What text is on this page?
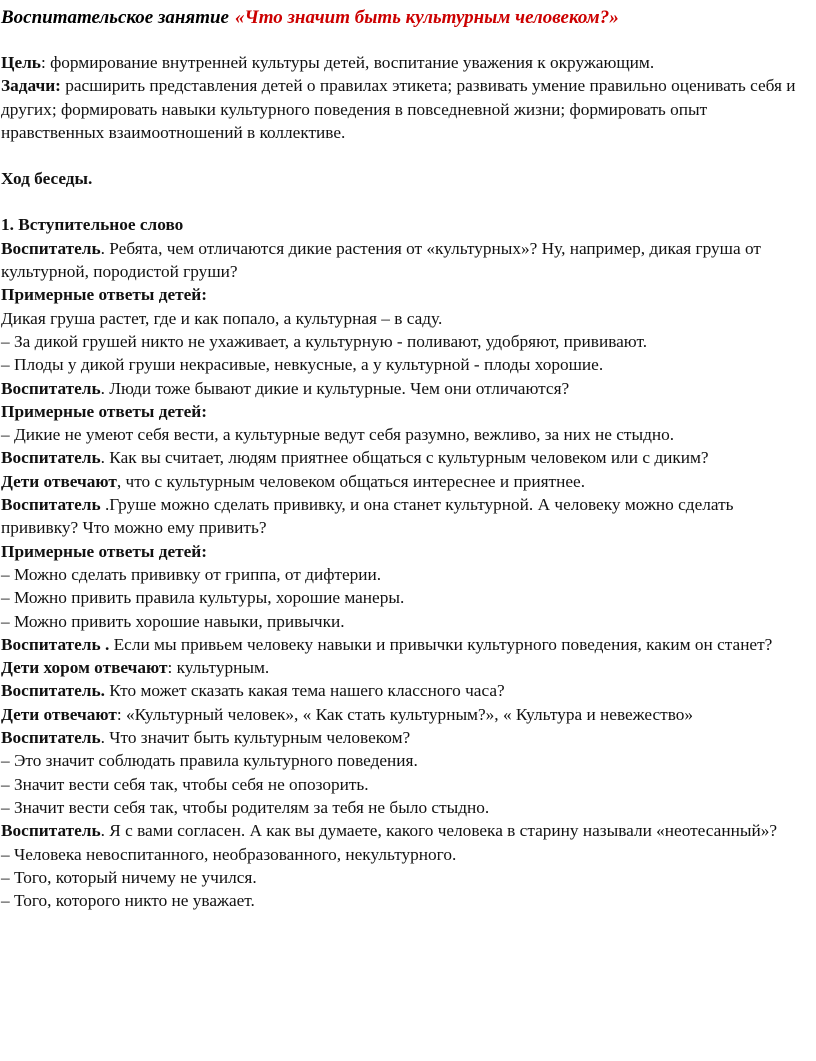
Воспитательское занятие «Что значит быть культурным человеком?»

Цель: формирование внутренней культуры детей, воспитание уважения к окружающим.

Задачи: расширить представления детей о правилах этикета; развивать умение правильно оценивать себя и других; формировать навыки культурного поведения в повседневной жизни; формировать опыт нравственных взаимоотношений в коллективе.

Ход беседы.

1. Вступительное слово

Воспитатель. Ребята, чем отличаются дикие растения от «культурных»? Ну, например, дикая груша от культурной, породистой груши?

Примерные ответы детей:

Дикая груша растет, где и как попало, а культурная – в саду.

– За дикой грушей никто не ухаживает, а культурную - поливают, удобряют, прививают.

– Плоды у дикой груши некрасивые, невкусные, а у культурной - плоды хорошие.

Воспитатель. Люди тоже бывают дикие и культурные. Чем они отличаются?

Примерные ответы детей:

– Дикие не умеют себя вести, а культурные ведут себя разумно, вежливо, за них не стыдно.

Воспитатель. Как вы считает, людям приятнее общаться с культурным человеком или с диким?

Дети отвечают, что с культурным человеком общаться интереснее и приятнее.

Воспитатель .Груше можно сделать прививку, и она станет культурной. А человеку можно сделать прививку? Что можно ему привить?

Примерные ответы детей:

– Можно сделать прививку от гриппа, от дифтерии.

– Можно привить правила культуры, хорошие манеры.

– Можно привить хорошие навыки, привычки.

Воспитатель . Если мы привьем человеку навыки и привычки культурного поведения, каким он станет?

Дети хором отвечают: культурным.

Воспитатель. Кто может сказать какая тема нашего классного часа?

Дети отвечают: «Культурный человек», « Как стать культурным?», « Культура и невежество»

Воспитатель. Что значит быть культурным человеком?

– Это значит соблюдать правила культурного поведения.

– Значит вести себя так, чтобы себя не опозорить.

– Значит вести себя так, чтобы родителям за тебя не было стыдно.

Воспитатель. Я с вами согласен. А как вы думаете, какого человека в старину называли «неотесанный»?

– Человека невоспитанного, необразованного, некультурного.

– Того, который ничему не учился.

– Того, которого никто не уважает.
